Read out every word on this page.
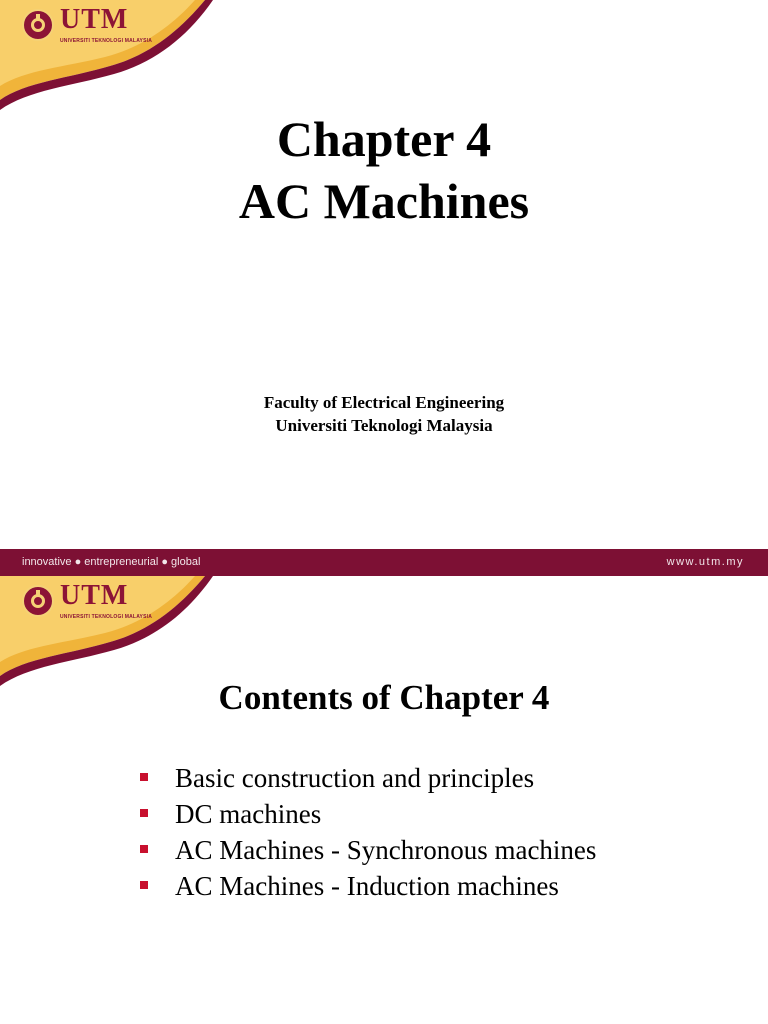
UTM
UNIVERSITI TEKNOLOGI MALAYSIA
Chapter 4
AC Machines
Faculty of Electrical Engineering
Universiti Teknologi Malaysia
innovative ● entrepreneurial ● global	www.utm.my
UTM
UNIVERSITI TEKNOLOGI MALAYSIA
Contents of Chapter 4
Basic construction and principles
DC machines
AC Machines - Synchronous machines
AC Machines - Induction machines
